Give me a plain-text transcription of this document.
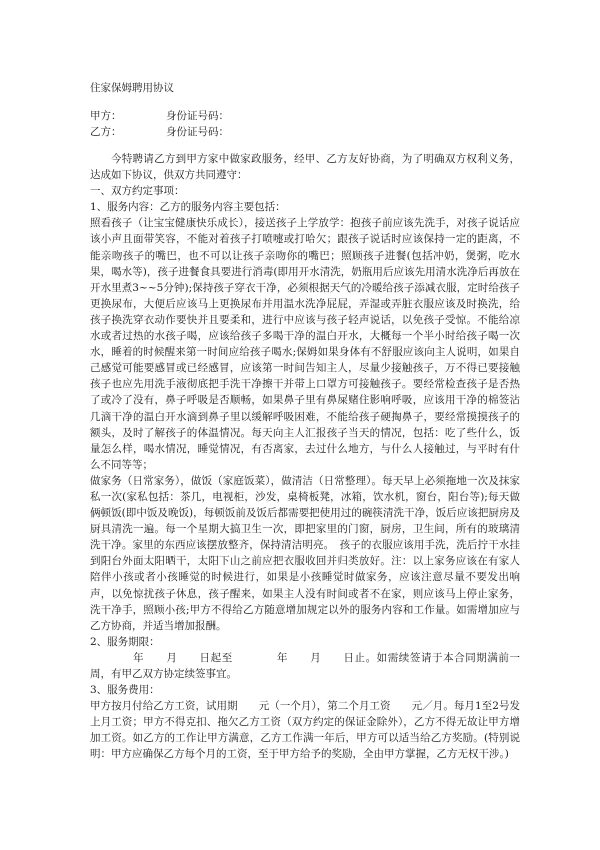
住家保姆聘用协议
甲方：	身份证号码：
乙方：	身份证号码：

今特聘请乙方到甲方家中做家政服务，经甲、乙方友好协商，为了明确双方权利义务，达成如下协议，供双方共同遵守：

一、双方约定事项：

1、服务内容：乙方的服务内容主要包括：

照看孩子（让宝宝健康快乐成长），接送孩子上学放学：抱孩子前应该先洗手，对孩子说话应该小声且面带笑容，不能对着孩子打喷嚏或打哈欠；跟孩子说话时应该保持一定的距离，不能亲吻孩子的嘴巴，也不可以让孩子亲吻你的嘴巴；照顾孩子进餐(包括冲奶，煲粥，吃水果，喝水等)，孩子进餐食具要进行消毒(即用开水清洗，奶瓶用后应该先用清水洗净后再放在开水里煮3~~5分钟);保持孩子穿衣干净，必须根据天气的冷暖给孩子添减衣服，定时给孩子更换尿布，大便后应该马上更换尿布并用温水洗净屁屁，弄湿或弄脏衣服应该及时换洗，给孩子换洗穿衣动作要快并且要柔和，进行中应该与孩子轻声说话，以免孩子受惊。不能给凉水或者过热的水孩子喝，应该给孩子多喝干净的温白开水，大概每一个半小时给孩子喝一次水，睡着的时候醒来第一时间应给孩子喝水;保姆如果身体有不舒服应该向主人说明，如果自己感觉可能要感冒或已经感冒，应该第一时间告知主人，尽量少接触孩子，万不得已要接触孩子也应先用洗手液彻底把手洗干净擦干并带上口罩方可接触孩子。要经常检查孩子是否热了或冷了没有，鼻子呼吸是否顺畅，如果鼻子里有鼻屎赌住影响呼吸，应该用干净的棉签沾几滴干净的温白开水滴到鼻子里以缓解呼吸困难，不能给孩子硬掏鼻子，要经常摸摸孩子的额头，及时了解孩子的体温情况。每天向主人汇报孩子当天的情况，包括：吃了些什么，饭量怎么样，喝水情况，睡觉情况，有否离家，去过什么地方，与什么人接触过，与平时有什么不同等等；

做家务（日常家务），做饭（家庭饭菜），做清洁（日常整理）。每天早上必须拖地一次及抹家私一次(家私包括：茶几，电视柜，沙发，桌椅板凳，冰箱，饮水机，窗台，阳台等);每天做俩顿饭(即中饭及晚饭)，每顿饭前及饭后都需要把使用过的碗筷清洗干净，饭后应该把厨房及厨具清洗一遍。每一个星期大搞卫生一次，即把家里的门窗，厨房，卫生间，所有的玻璃清洗干净。家里的东西应该摆放整齐，保持清洁明亮。　孩子的衣服应该用手洗，洗后拧干水挂到阳台外面太阳晒干，太阳下山之前应把衣服收回并归类放好。注：以上家务应该在有家人陪伴小孩或者小孩睡觉的时候进行，如果是小孩睡觉时做家务，应该注意尽量不要发出响声，以免惊扰孩子休息，孩子醒来，如果主人没有时间或者不在家，则应该马上停止家务，洗干净手，照顾小孩;甲方不得给乙方随意增加规定以外的服务内容和工作量。如需增加应与乙方协商，并适当增加报酬。

2、服务期限：

　　年　　月　　日起至　　　　年　　月　　日止。如需续签请于本合同期满前一周，有甲乙双方协定续签事宜。

3、服务费用：

甲方按月付给乙方工资，试用期　　元（一个月），第二个月工资　　元／月。每月1至2号发上月工资；甲方不得克扣、拖欠乙方工资（双方约定的保证金除外），乙方不得无故让甲方增加工资。如乙方的工作让甲方满意，乙方工作满一年后，甲方可以适当给乙方奖励。(特别说明：甲方应确保乙方每个月的工资，至于甲方给予的奖励，全由甲方掌握，乙方无权干涉。)
